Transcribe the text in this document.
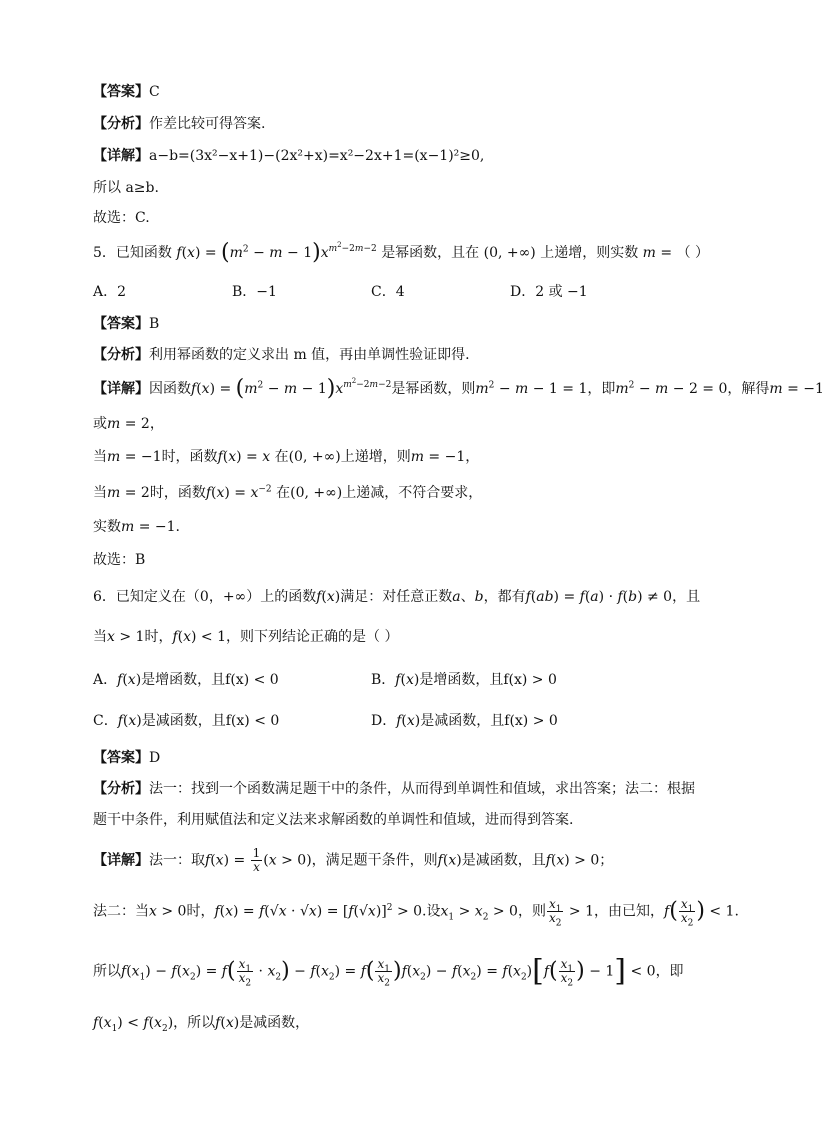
【答案】C
【分析】作差比较可得答案.
【详解】a−b=(3x²−x+1)−(2x²+x)=x²−2x+1=(x−1)²≥0,
所以 a≥b.
故选：C.
5．已知函数 $f(x) = (m^2 - m - 1)x^{m^2-2m-2}$ 是幂函数，且在 (0, +∞) 上递增，则实数 m = （ ）
A．2	B．−1	C．4	D．2 或 −1
【答案】B
【分析】利用幂函数的定义求出 m 值，再由单调性验证即得.
【详解】因函数$f(x) = (m^2 - m - 1)x^{m^2-2m-2}$是幂函数，则$m^2 - m - 1 = 1$，即$m^2 - m - 2 = 0$，解得m = −1
或m = 2，
当m = −1时，函数f(x) = x 在(0, +∞)上递增，则m = −1，
当m = 2时，函数$f(x) = x^{-2}$ 在(0, +∞)上递减，不符合要求，
实数m = −1.
故选：B
6．已知定义在（0，+∞）上的函数f(x)满足：对任意正数a、b，都有f(ab) = f(a) · f(b) ≠ 0，且
当x > 1时，f(x) < 1，则下列结论正确的是（ ）
A．f(x)是增函数，且f(x) < 0	B．f(x)是增函数，且f(x) > 0
C．f(x)是减函数，且f(x) < 0	D．f(x)是减函数，且f(x) > 0
【答案】D
【分析】法一：找到一个函数满足题干中的条件，从而得到单调性和值域，求出答案；法二：根据
题干中条件，利用赋值法和定义法来求解函数的单调性和值域，进而得到答案.
【详解】法一：取$f(x) = \frac{1}{x} (x > 0)$，满足题干条件，则f(x)是减函数，且f(x) > 0；
法二：当x > 0时，$f(x) = f(√x \cdot √x) = [f(√x)]^2 > 0$.设$x_1 > x_2 > 0$，则 $\frac{x_1}{x_2} > 1$，由已知，$f( \frac{x_1}{x_2}$ ) < 1.
所以$f(x_1) - f(x_2) = f( \frac{x_1}{x_2} \cdot x_2) - f(x_2) = f( \frac{x_1}{x_2} )f(x_2) - f(x_2) = f(x_2)[f( \frac{x_1}{x_2}$ ) − 1] < 0，即
$f(x_1) < f(x_2)$，所以f(x)是减函数，
